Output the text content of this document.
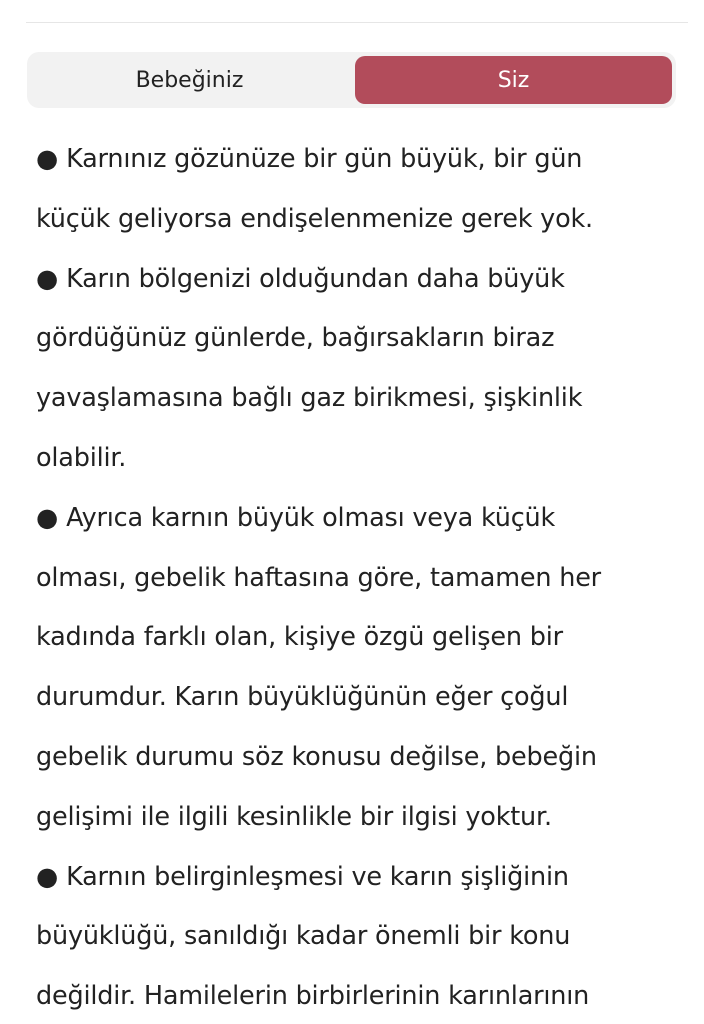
Bebeğiniz	Siz
● Karnınız gözünüze bir gün büyük, bir gün
küçük geliyorsa endişelenmenize gerek yok.
● Karın bölgenizi olduğundan daha büyük
gördüğünüz günlerde, bağırsakların biraz
yavaşlamasına bağlı gaz birikmesi, şişkinlik
olabilir.
● Ayrıca karnın büyük olması veya küçük
olması, gebelik haftasına göre, tamamen her
kadında farklı olan, kişiye özgü gelişen bir
durumdur. Karın büyüklüğünün eğer çoğul
gebelik durumu söz konusu değilse, bebeğin
gelişimi ile ilgili kesinlikle bir ilgisi yoktur.
● Karnın belirginleşmesi ve karın şişliğinin
büyüklüğü, sanıldığı kadar önemli bir konu
değildir. Hamilelerin birbirlerinin karınlarının
